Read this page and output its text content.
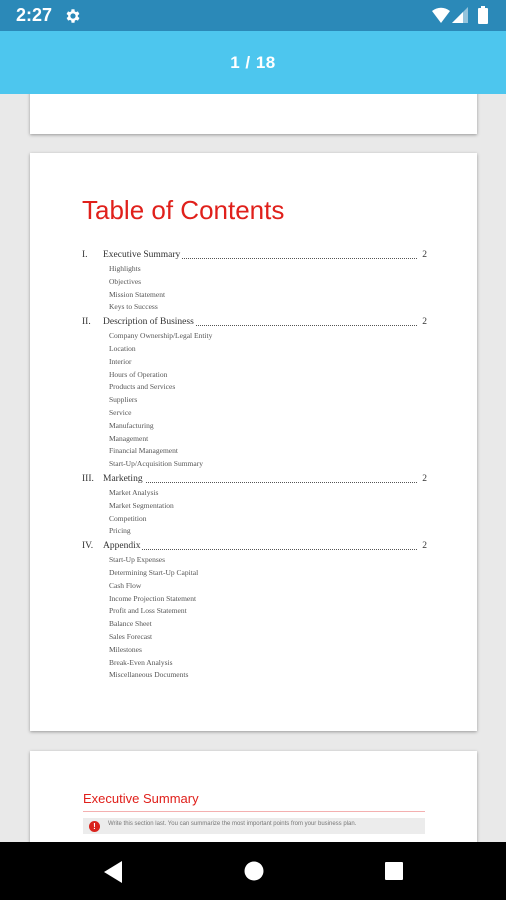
2:27
1 / 18
Table of Contents
I.	Executive Summary	2
Highlights
Objectives
Mission Statement
Keys to Success
II.	Description of Business	2
Company Ownership/Legal Entity
Location
Interior
Hours of Operation
Products and Services
Suppliers
Service
Manufacturing
Management
Financial Management
Start-Up/Acquisition Summary
III. Marketing	2
Market Analysis
Market Segmentation
Competition
Pricing
IV.	Appendix	2
Start-Up Expenses
Determining Start-Up Capital
Cash Flow
Income Projection Statement
Profit and Loss Statement
Balance Sheet
Sales Forecast
Milestones
Break-Even Analysis
Miscellaneous Documents
Executive Summary
!	Write this section last. You can summarize the most important points from your business plan.
